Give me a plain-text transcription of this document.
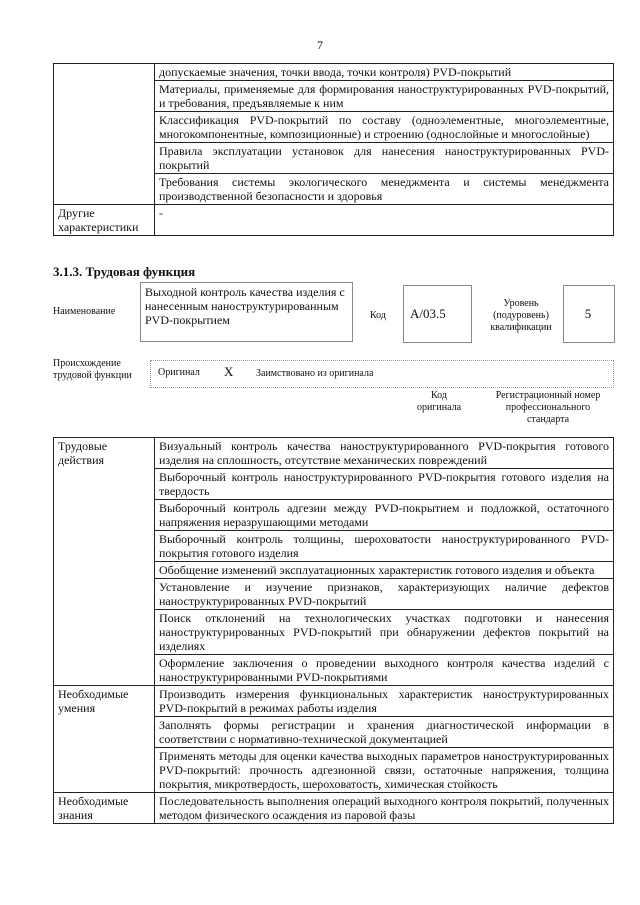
7
	допускаемые значения, точки ввода, точки контроля) PVD-покрытий
	Материалы, применяемые для формирования наноструктурированных PVD-покрытий, и требования, предъявляемые к ним
	Классификация PVD-покрытий по составу (одноэлементные, многоэлементные, многокомпонентные, композиционные) и строению (однослойные и многослойные)
	Правила эксплуатации установок для нанесения наноструктурированных PVD-покрытий
	Требования системы экологического менеджмента и системы менеджмента производственной безопасности и здоровья
Другие характеристики	-
3.1.3. Трудовая функция
Наименование
Выходной контроль качества изделия с нанесенным наноструктурированным PVD-покрытием	Код A/03.5
Уровень (подуровень) квалификации
5
Происхождение трудовой функции	Оригинал X Заимствовано из оригинала
Код оригинала
Регистрационный номер профессионального стандарта
Трудовые действия	Визуальный контроль качества наноструктурированного PVD-покрытия готового изделия на сплошность, отсутствие механических повреждений
	Выборочный контроль наноструктурированного PVD-покрытия готового изделия на твердость
	Выборочный контроль адгезии между PVD-покрытием и подложкой, остаточного напряжения неразрушающими методами
	Выборочный контроль толщины, шероховатости наноструктурированного PVD-покрытия готового изделия
	Обобщение изменений эксплуатационных характеристик готового изделия и объекта
	Установление и изучение признаков, характеризующих наличие дефектов наноструктурированных PVD-покрытий
	Поиск отклонений на технологических участках подготовки и нанесения наноструктурированных PVD-покрытий при обнаружении дефектов покрытий на изделиях
	Оформление заключения о проведении выходного контроля качества изделий с наноструктурированными PVD-покрытиями
Необходимые умения	Производить измерения функциональных характеристик наноструктурированных PVD-покрытий в режимах работы изделия
	Заполнять формы регистрации и хранения диагностической информации в соответствии с нормативно-технической документацией
	Применять методы для оценки качества выходных параметров наноструктурированных PVD-покрытий: прочность адгезионной связи, остаточные напряжения, толщина покрытия, микротвердость, шероховатость, химическая стойкость
Необходимые знания	Последовательность выполнения операций выходного контроля покрытий, полученных методом физического осаждения из паровой фазы
